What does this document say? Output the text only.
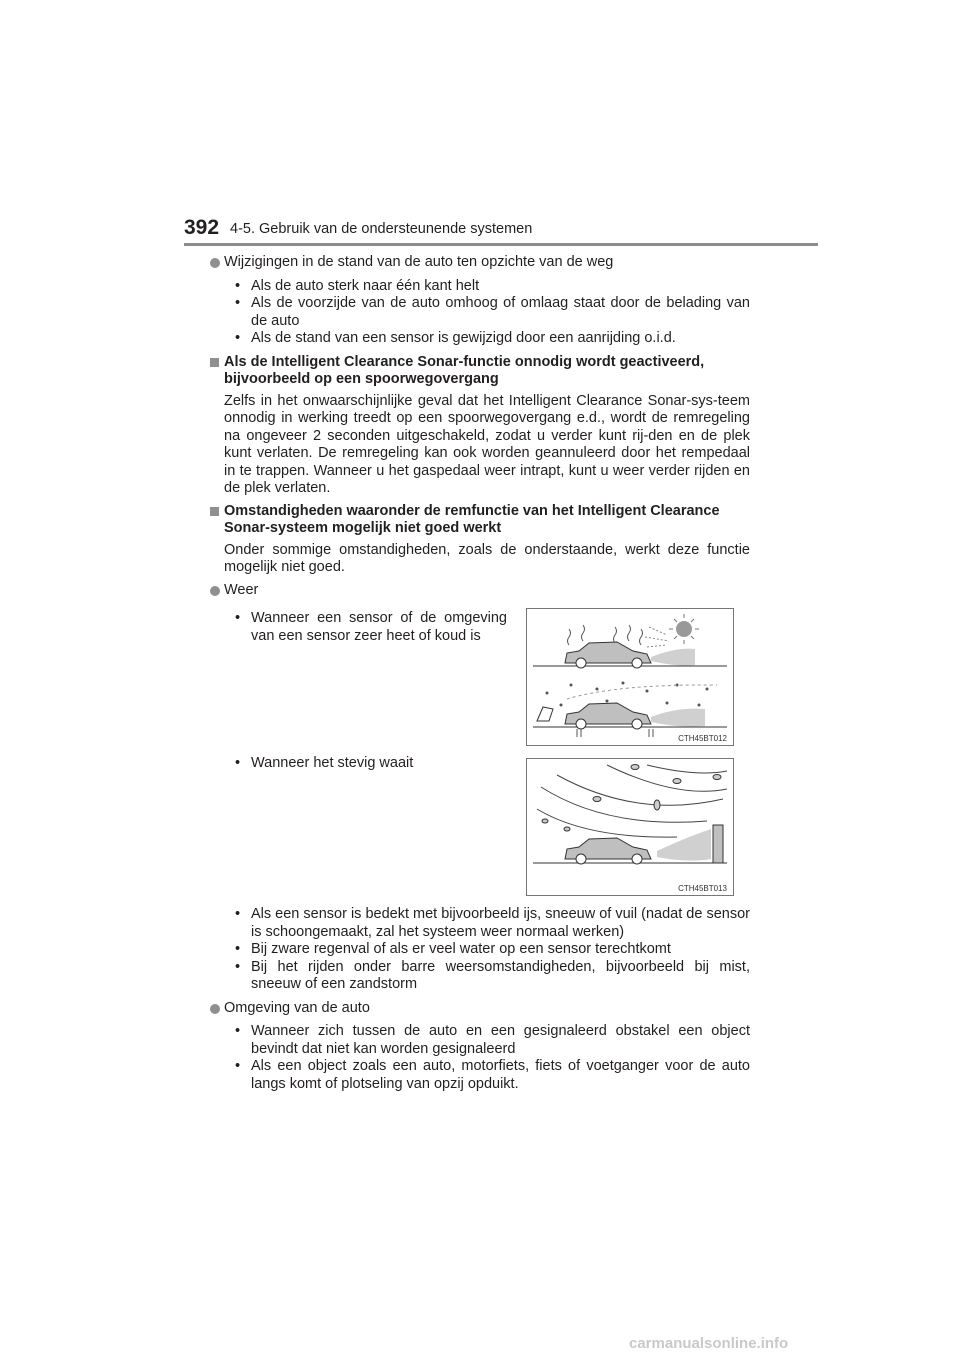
392 4-5. Gebruik van de ondersteunende systemen
Wijzigingen in de stand van de auto ten opzichte van de weg
• Als de auto sterk naar één kant helt
• Als de voorzijde van de auto omhoog of omlaag staat door de belading van de auto
• Als de stand van een sensor is gewijzigd door een aanrijding o.i.d.
Als de Intelligent Clearance Sonar-functie onnodig wordt geactiveerd, bijvoorbeeld op een spoorwegovergang
Zelfs in het onwaarschijnlijke geval dat het Intelligent Clearance Sonar-sys-teem onnodig in werking treedt op een spoorwegovergang e.d., wordt de remregeling na ongeveer 2 seconden uitgeschakeld, zodat u verder kunt rij-den en de plek kunt verlaten. De remregeling kan ook worden geannuleerd door het rempedaal in te trappen. Wanneer u het gaspedaal weer intrapt, kunt u weer verder rijden en de plek verlaten.
Omstandigheden waaronder de remfunctie van het Intelligent Clearance Sonar-systeem mogelijk niet goed werkt
Onder sommige omstandigheden, zoals de onderstaande, werkt deze functie mogelijk niet goed.
Weer
• Wanneer een sensor of de omgeving van een sensor zeer heet of koud is
• Wanneer het stevig waait
CTH45BT012
CTH45BT013
• Als een sensor is bedekt met bijvoorbeeld ijs, sneeuw of vuil (nadat de sensor is schoongemaakt, zal het systeem weer normaal werken)
• Bij zware regenval of als er veel water op een sensor terechtkomt
• Bij het rijden onder barre weersomstandigheden, bijvoorbeeld bij mist, sneeuw of een zandstorm
Omgeving van de auto
• Wanneer zich tussen de auto en een gesignaleerd obstakel een object bevindt dat niet kan worden gesignaleerd
• Als een object zoals een auto, motorfiets, fiets of voetganger voor de auto langs komt of plotseling van opzij opduikt.
carmanualsonline.info
